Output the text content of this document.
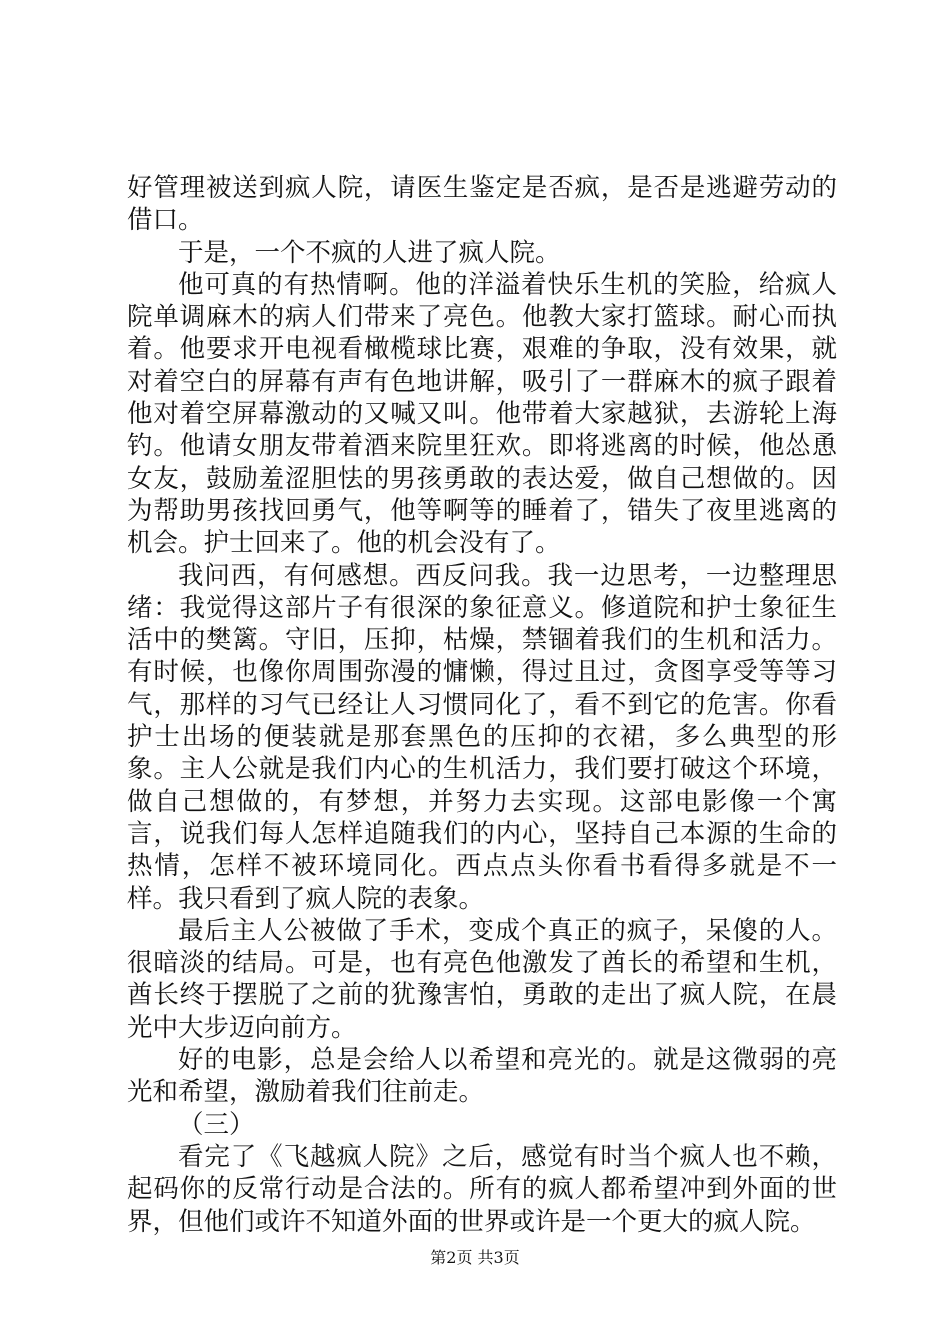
好管理被送到疯人院，请医生鉴定是否疯，是否是逃避劳动的借口。

于是，一个不疯的人进了疯人院。

他可真的有热情啊。他的洋溢着快乐生机的笑脸，给疯人院单调麻木的病人们带来了亮色。他教大家打篮球。耐心而执着。他要求开电视看橄榄球比赛，艰难的争取，没有效果，就对着空白的屏幕有声有色地讲解，吸引了一群麻木的疯子跟着他对着空屏幕激动的又喊又叫。他带着大家越狱，去游轮上海钓。他请女朋友带着酒来院里狂欢。即将逃离的时候，他怂恿女友，鼓励羞涩胆怯的男孩勇敢的表达爱，做自己想做的。因为帮助男孩找回勇气，他等啊等的睡着了，错失了夜里逃离的机会。护士回来了。他的机会没有了。

我问西，有何感想。西反问我。我一边思考，一边整理思绪：我觉得这部片子有很深的象征意义。修道院和护士象征生活中的樊篱。守旧，压抑，枯燥，禁锢着我们的生机和活力。有时候，也像你周围弥漫的慵懒，得过且过，贪图享受等等习气，那样的习气已经让人习惯同化了，看不到它的危害。你看护士出场的便装就是那套黑色的压抑的衣裙，多么典型的形象。主人公就是我们内心的生机活力，我们要打破这个环境，做自己想做的，有梦想，并努力去实现。这部电影像一个寓言，说我们每人怎样追随我们的内心，坚持自己本源的生命的热情，怎样不被环境同化。西点点头你看书看得多就是不一样。我只看到了疯人院的表象。

最后主人公被做了手术，变成个真正的疯子，呆傻的人。很暗淡的结局。可是，也有亮色他激发了酋长的希望和生机，酋长终于摆脱了之前的犹豫害怕，勇敢的走出了疯人院，在晨光中大步迈向前方。

好的电影，总是会给人以希望和亮光的。就是这微弱的亮光和希望，激励着我们往前走。

（三）

看完了《飞越疯人院》之后，感觉有时当个疯人也不赖，起码你的反常行动是合法的。所有的疯人都希望冲到外面的世界，但他们或许不知道外面的世界或许是一个更大的疯人院。

第2页 共3页
